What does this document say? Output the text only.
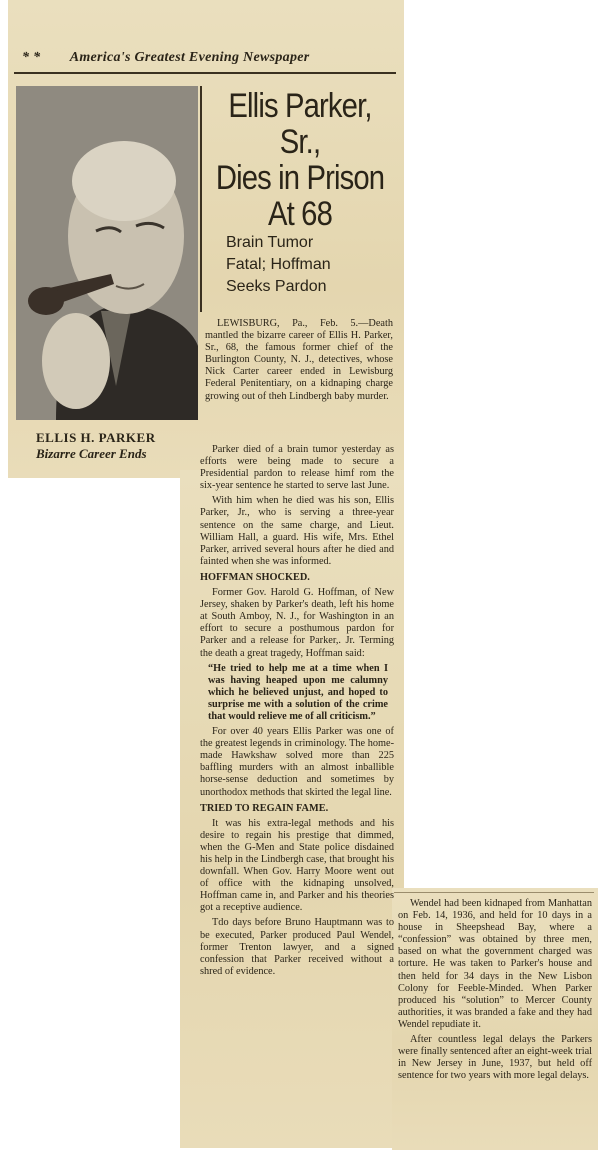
* * America's Greatest Evening Newspaper
ELLIS H. PARKER
Bizarre Career Ends
Ellis Parker, Sr.,
Dies in Prison
At 68
Brain Tumor
Fatal; Hoffman
Seeks Pardon

LEWISBURG, Pa., Feb. 5.—Death mantled the bizarre career of Ellis H. Parker, Sr., 68, the famous former chief of the Burlington County, N. J., detectives, whose Nick Carter career ended in Lewisburg Federal Penitentiary, on a kidnaping charge growing out of theh Lindbergh baby murder.

Parker died of a brain tumor yesterday as efforts were being made to secure a Presidential pardon to release himf rom the six-year sentence he started to serve last June.

With him when he died was his son, Ellis Parker, Jr., who is serving a three-year sentence on the same charge, and Lieut. William Hall, a guard. His wife, Mrs. Ethel Parker, arrived several hours after he died and fainted when she was informed.

HOFFMAN SHOCKED.

Former Gov. Harold G. Hoffman, of New Jersey, shaken by Parker's death, left his home at South Amboy, N. J., for Washington in an effort to secure a posthumous pardon for Parker and a release for Parker,. Jr. Terming the death a great tragedy, Hoffman said:

“He tried to help me at a time when I was having heaped upon me calumny which he believed unjust, and hoped to surprise me with a solution of the crime that would relieve me of all criticism.”

For over 40 years Ellis Parker was one of the greatest legends in criminology. The home-made Hawkshaw solved more than 225 baffling murders with an almost inballible horse-sense deduction and sometimes by unorthodox methods that skirted the legal line.

TRIED TO REGAIN FAME.

It was his extra-legal methods and his desire to regain his prestige that dimmed, when the G-Men and State police disdained his help in the Lindbergh case, that brought his downfall. When Gov. Harry Moore went out of office with the kidnaping unsolved, Hoffman came in, and Parker and his theories got a receptive audience.

Tdo days before Bruno Hauptmann was to be executed, Parker produced Paul Wendel, former Trenton lawyer, and a signed confession that Parker received without a shred of evidence.

Wendel had been kidnaped from Manhattan on Feb. 14, 1936, and held for 10 days in a house in Sheepshead Bay, where a “confession” was obtained by three men, based on what the government charged was torture. He was taken to Parker's house and then held for 34 days in the New Lisbon Colony for Feeble-Minded. When Parker produced his “solution” to Mercer County authorities, it was branded a fake and they had Wendel repudiate it.

After countless legal delays the Parkers were finally sentenced after an eight-week trial in New Jersey in June, 1937, but held off sentence for two years with more legal delays.
